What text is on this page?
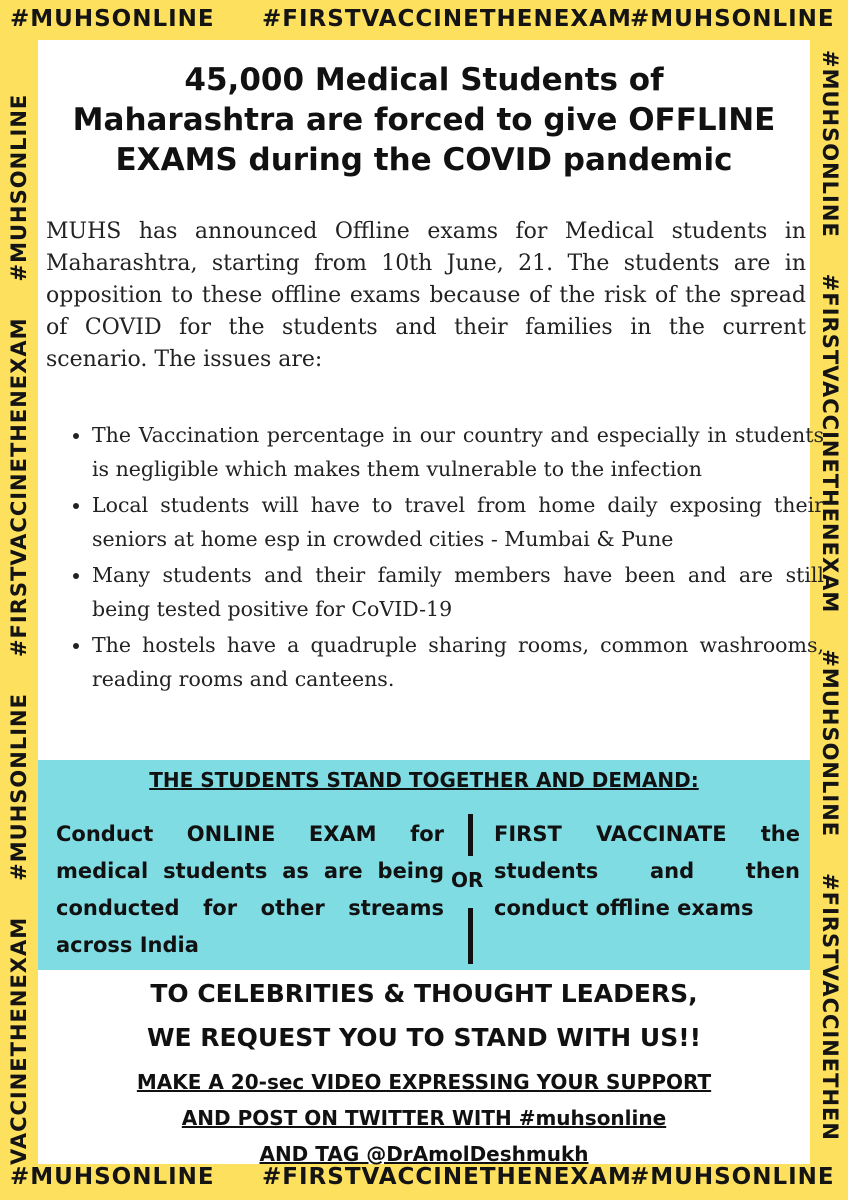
#MUHSONLINE #FIRSTVACCINETHENEXAM
#MUHSONLINE
#MUHSONLINE #FIRSTVACCINETHENEXAM
#MUHSONLINE
VACCINETHENEXAM
#MUHSONLINE
#FIRSTVACCINETHENEXAM
#MUHSONLINE	#MUHSONLINE
#FIRSTVACCINETHENEXAM
#MUHSONLINE
#FIRSTVACCINETHEN
45,000 Medical Students of
Maharashtra are forced to give OFFLINE
EXAMS during the COVID pandemic

MUHS has announced Offline exams for Medical students in Maharashtra, starting from 10th June, 21. The students are in opposition to these offline exams because of the risk of the spread of COVID for the students and their families in the current scenario. The issues are:

• The Vaccination percentage in our country and especially in students is negligible which makes them vulnerable to the infection
• Local students will have to travel from home daily exposing their seniors at home esp in crowded cities - Mumbai & Pune
• Many students and their family members have been and are still being tested positive for CoVID-19
• The hostels have a quadruple sharing rooms, common washrooms, reading rooms and canteens.
THE STUDENTS STAND TOGETHER AND DEMAND:
Conduct ONLINE EXAM for medical students as are being conducted for other streams across India
OR
FIRST VACCINATE the students and then conduct offline exams
TO CELEBRITIES & THOUGHT LEADERS,
WE REQUEST YOU TO STAND WITH US!!
MAKE A 20-sec VIDEO EXPRESSING YOUR SUPPORT
AND POST ON TWITTER WITH #muhsonline
AND TAG @DrAmolDeshmukh
